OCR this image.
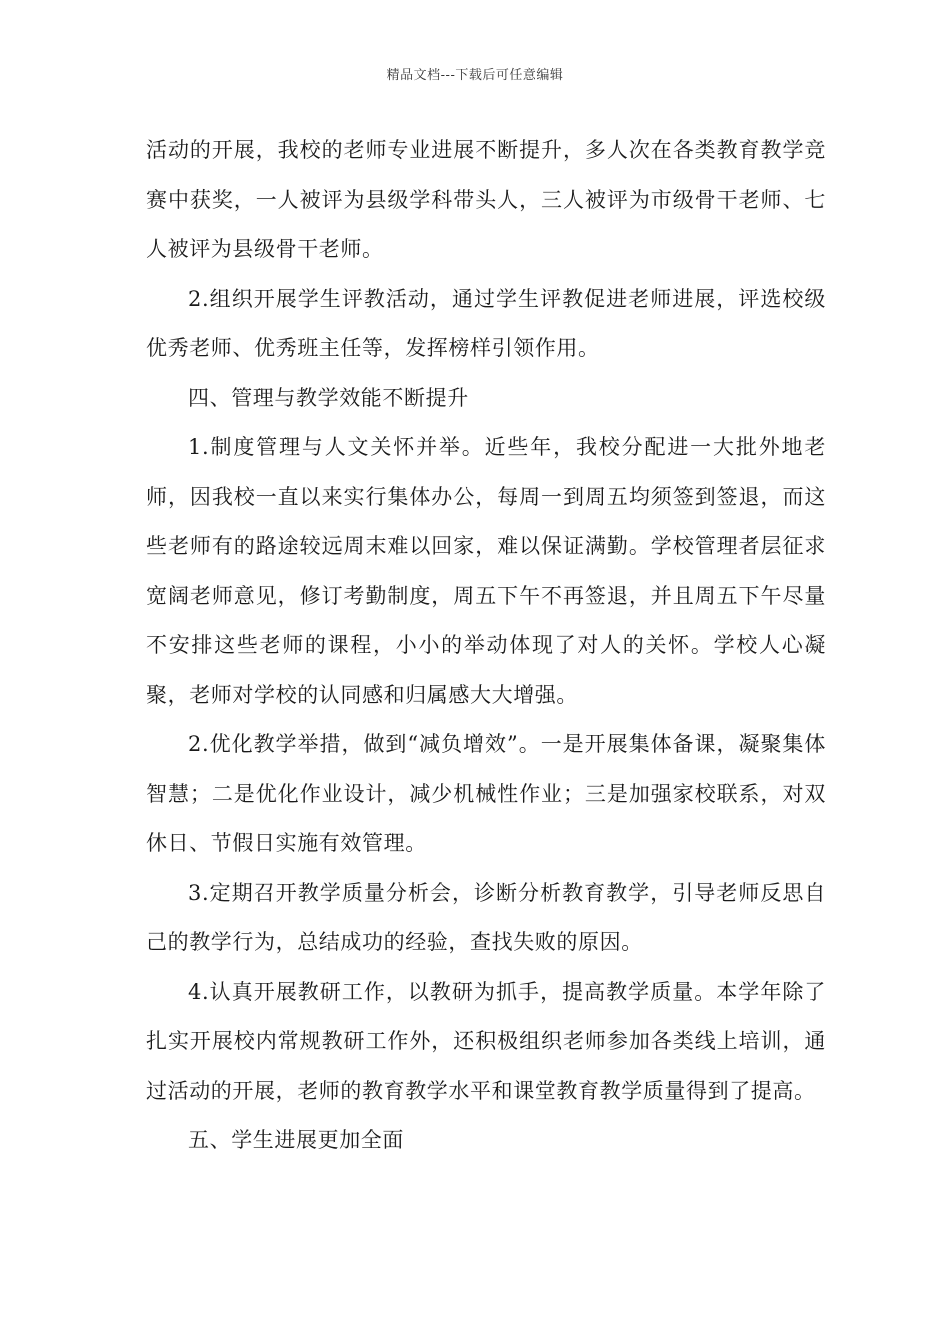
精品文档---下载后可任意编辑

活动的开展，我校的老师专业进展不断提升，多人次在各类教育教学竞赛中获奖，一人被评为县级学科带头人，三人被评为市级骨干老师、七人被评为县级骨干老师。

2.组织开展学生评教活动，通过学生评教促进老师进展，评选校级优秀老师、优秀班主任等，发挥榜样引领作用。

四、管理与教学效能不断提升

1.制度管理与人文关怀并举。近些年，我校分配进一大批外地老师，因我校一直以来实行集体办公，每周一到周五均须签到签退，而这些老师有的路途较远周末难以回家，难以保证满勤。学校管理者层征求宽阔老师意见，修订考勤制度，周五下午不再签退，并且周五下午尽量不安排这些老师的课程，小小的举动体现了对人的关怀。学校人心凝聚，老师对学校的认同感和归属感大大增强。

2.优化教学举措，做到“减负增效”。一是开展集体备课，凝聚集体智慧；二是优化作业设计，减少机械性作业；三是加强家校联系，对双休日、节假日实施有效管理。

3.定期召开教学质量分析会，诊断分析教育教学，引导老师反思自己的教学行为，总结成功的经验，查找失败的原因。

4.认真开展教研工作，以教研为抓手，提高教学质量。本学年除了扎实开展校内常规教研工作外，还积极组织老师参加各类线上培训，通过活动的开展，老师的教育教学水平和课堂教育教学质量得到了提高。

五、学生进展更加全面
